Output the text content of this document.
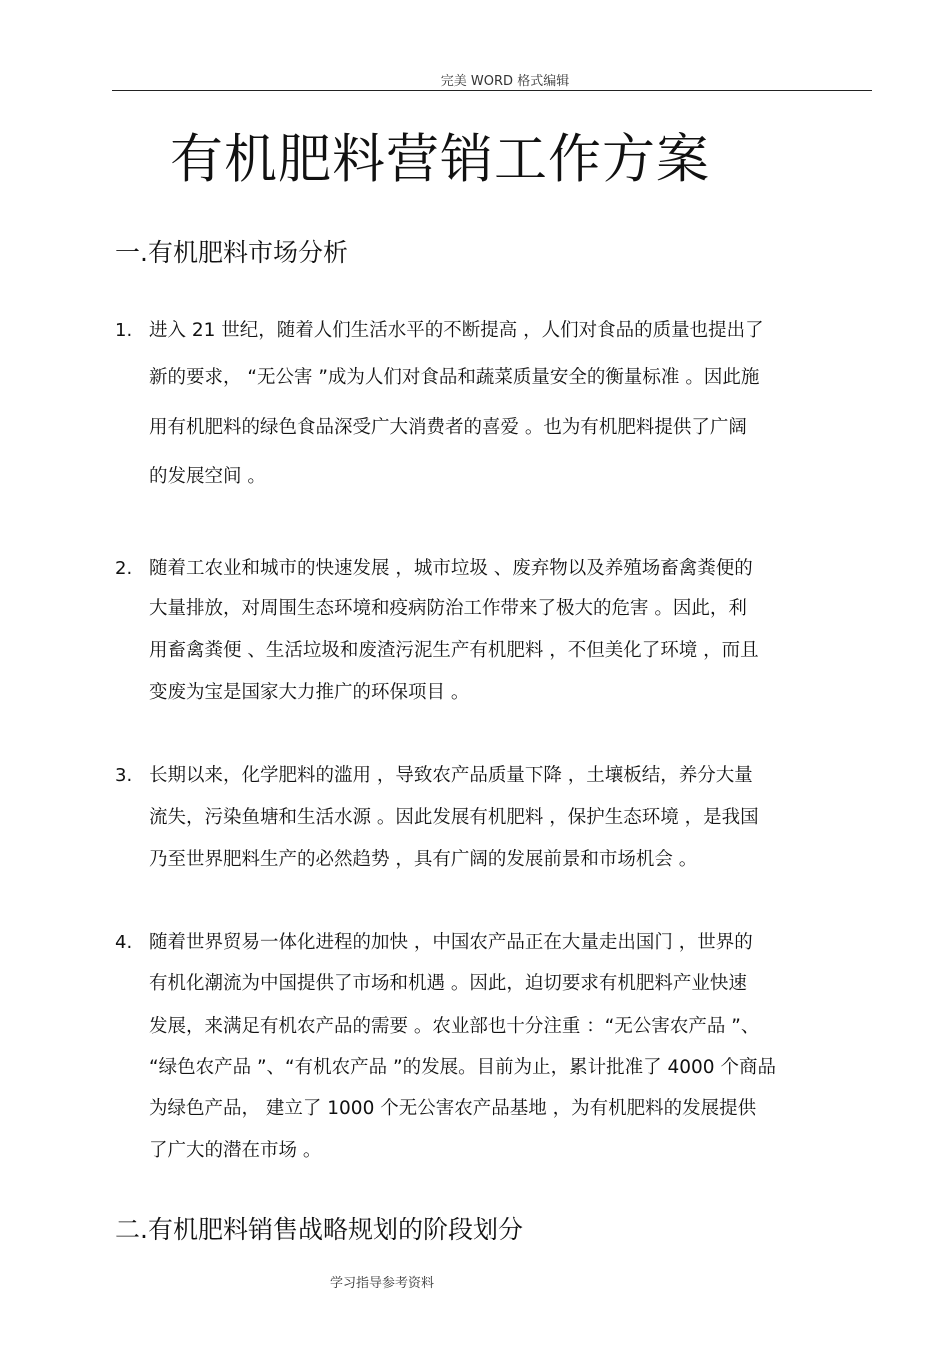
完美 WORD 格式编辑
有机肥料营销工作方案
一.有机肥料市场分析
1. 进入 21 世纪，随着人们生活水平的不断提高 ，人们对食品的质量也提出了
新的要求， “无公害 ”成为人们对食品和蔬菜质量安全的衡量标准 。因此施
用有机肥料的绿色食品深受广大消费者的喜爱 。也为有机肥料提供了广阔
的发展空间 。
2. 随着工农业和城市的快速发展 ，城市垃圾 、废弃物以及养殖场畜禽粪便的
大量排放，对周围生态环境和疫病防治工作带来了极大的危害 。因此，利
用畜禽粪便 、生活垃圾和废渣污泥生产有机肥料 ，不但美化了环境 ，而且
变废为宝是国家大力推广的环保项目 。
3. 长期以来，化学肥料的滥用 ，导致农产品质量下降 ，土壤板结，养分大量
流失，污染鱼塘和生活水源 。因此发展有机肥料 ，保护生态环境 ，是我国
乃至世界肥料生产的必然趋势 ，具有广阔的发展前景和市场机会 。
4. 随着世界贸易一体化进程的加快 ，中国农产品正在大量走出国门 ，世界的
有机化潮流为中国提供了市场和机遇 。因此，迫切要求有机肥料产业快速
发展，来满足有机农产品的需要 。农业部也十分注重 ：“无公害农产品 ”、
“绿色农产品 ”、“有机农产品 ”的发展。目前为止，累计批准了 4000 个商品
为绿色产品， 建立了 1000 个无公害农产品基地 ，为有机肥料的发展提供
了广大的潜在市场 。
二.有机肥料销售战略规划的阶段划分
学习指导参考资料
